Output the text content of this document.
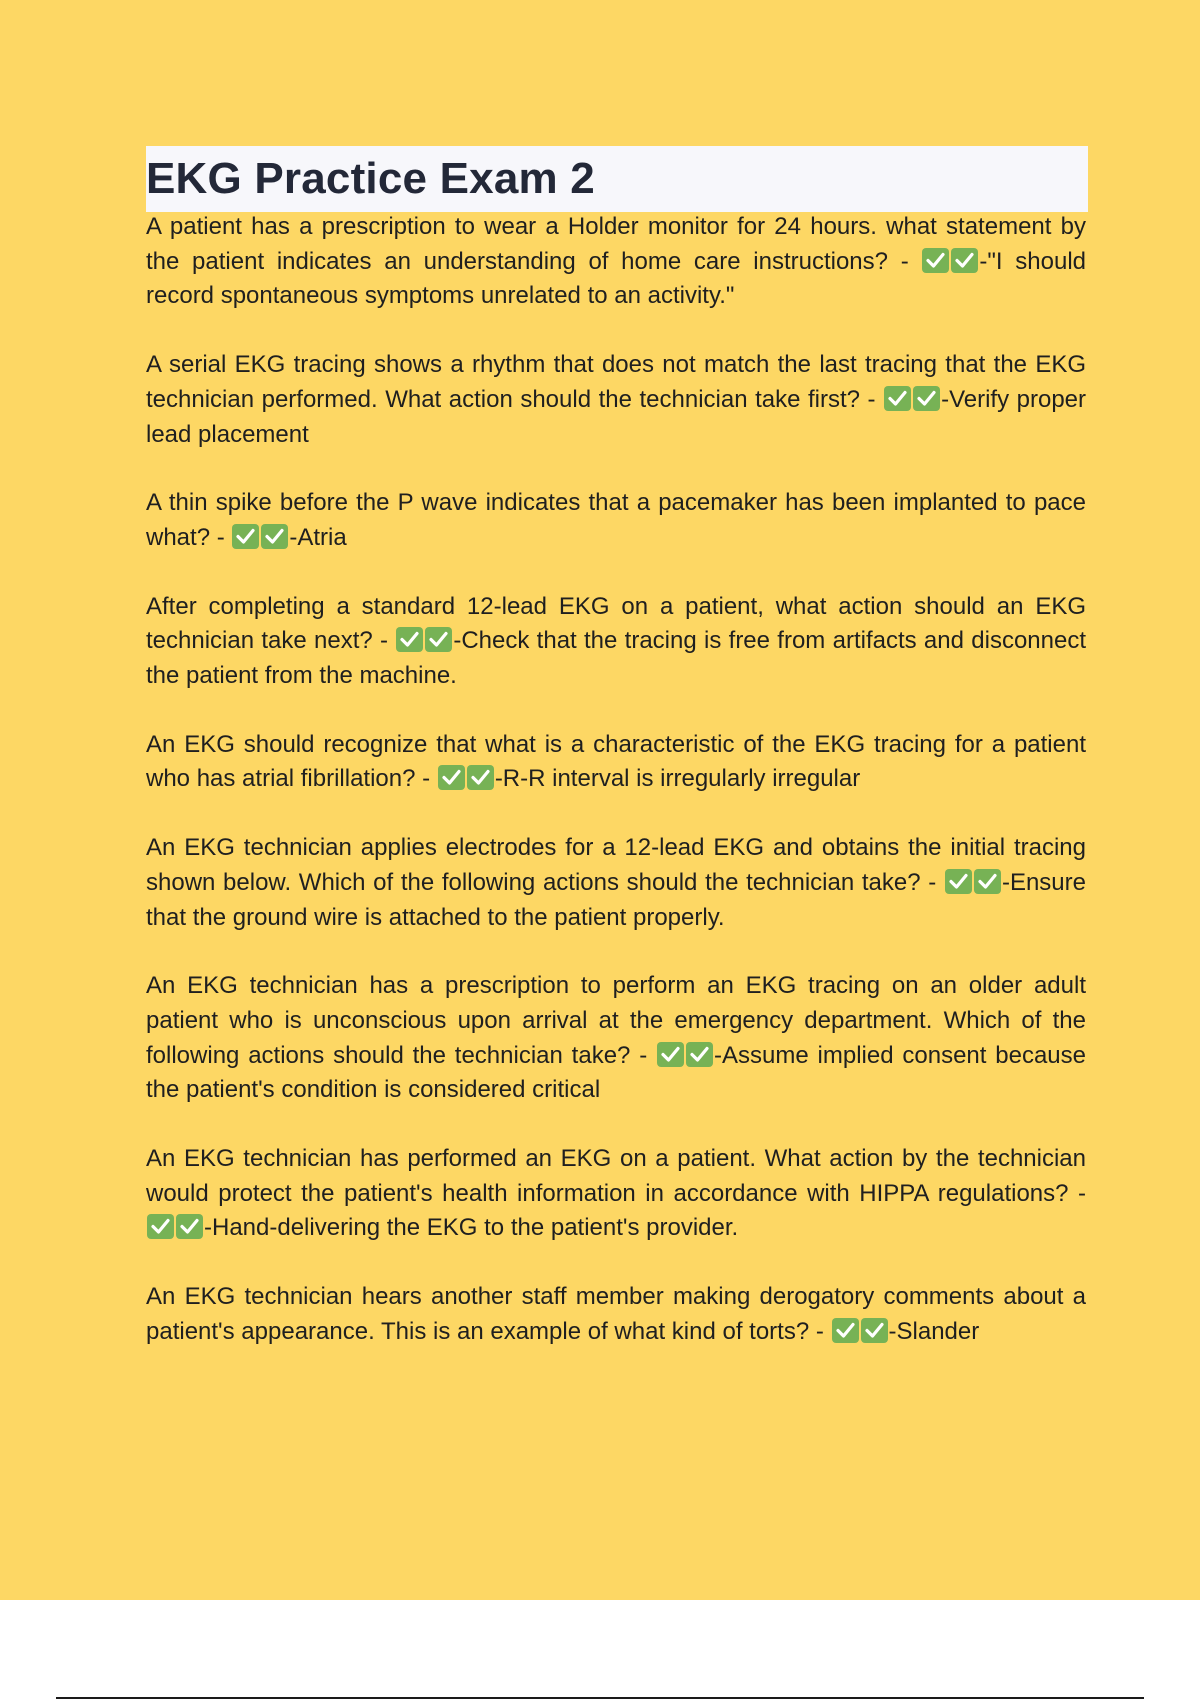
EKG Practice Exam 2

A patient has a prescription to wear a Holder monitor for 24 hours. what statement by the patient indicates an understanding of home care instructions? -	-"I should record spontaneous symptoms unrelated to an activity."

A serial EKG tracing shows a rhythm that does not match the last tracing that the EKG technician performed. What action should the technician take first? -	-Verify proper lead placement

A thin spike before the P wave indicates that a pacemaker has been implanted to pace what? -	-Atria

After completing a standard 12-lead EKG on a patient, what action should an EKG technician take next? -	-Check that the tracing is free from artifacts and disconnect the patient from the machine.

An EKG should recognize that what is a characteristic of the EKG tracing for a patient who has atrial fibrillation? -	-R-R interval is irregularly irregular

An EKG technician applies electrodes for a 12-lead EKG and obtains the initial tracing shown below. Which of the following actions should the technician take? -	-Ensure that the ground wire is attached to the patient properly.

An EKG technician has a prescription to perform an EKG tracing on an older adult patient who is unconscious upon arrival at the emergency department. Which of the following actions should the technician take? -	-Assume implied consent because the patient's condition is considered critical

An EKG technician has performed an EKG on a patient. What action by the technician would protect the patient's health information in accordance with HIPPA regulations? -
-Hand-delivering the EKG to the patient's provider.

An EKG technician hears another staff member making derogatory comments about a patient's appearance. This is an example of what kind of torts? -	-Slander
